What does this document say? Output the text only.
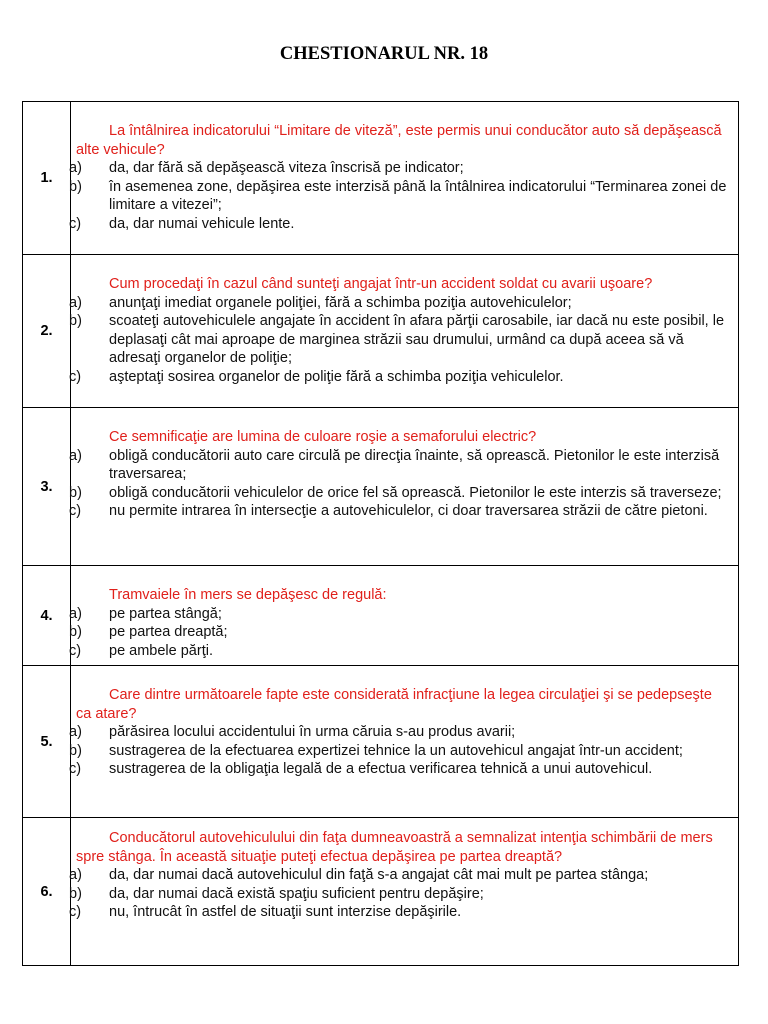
CHESTIONARUL NR. 18
1.	La întâlnirea indicatorului “Limitare de viteză”, este permis unui conducător auto să depăşească alte vehicule?

a) da, dar fără să depăşească viteza înscrisă pe indicator;

b) în asemenea zone, depăşirea este interzisă până la întâlnirea indicatorului “Terminarea zonei de limitare a vitezei”;

c) da, dar numai vehicule lente.

2.	Cum procedaţi în cazul când sunteţi angajat într-un accident soldat cu avarii uşoare?

a) anunţaţi imediat organele poliţiei, fără a schimba poziţia autovehiculelor;

b) scoateţi autovehiculele angajate în accident în afara părţii carosabile, iar dacă nu este posibil, le deplasaţi cât mai aproape de marginea străzii sau drumului, urmând ca după aceea să vă adresaţi organelor de poliţie;

c) aşteptaţi sosirea organelor de poliţie fără a schimba poziţia vehiculelor.

3.	Ce semnificaţie are lumina de culoare roşie a semaforului electric?

a) obligă conducătorii auto care circulă pe direcţia înainte, să oprească. Pietonilor le este interzisă traversarea;

b) obligă conducătorii vehiculelor de orice fel să oprească. Pietonilor le este interzis să traverseze;

c) nu permite intrarea în intersecţie a autovehiculelor, ci doar traversarea străzii de către pietoni.

4.	Tramvaiele în mers se depăşesc de regulă:

a) pe partea stângă;

b) pe partea dreaptă;

c) pe ambele părţi.

5.	Care dintre următoarele fapte este considerată infracţiune la legea circulaţiei şi se pedepseşte ca atare?

a) părăsirea locului accidentului în urma căruia s-au produs avarii;

b) sustragerea de la efectuarea expertizei tehnice la un autovehicul angajat într-un accident;

c) sustragerea de la obligaţia legală de a efectua verificarea tehnică a unui autovehicul.

6.	Conducătorul autovehiculului din faţa dumneavoastră a semnalizat intenţia schimbării de mers spre stânga. În această situaţie puteţi efectua depăşirea pe partea dreaptă?

a) da, dar numai dacă autovehiculul din faţă s-a angajat cât mai mult pe partea stânga;

b) da, dar numai dacă există spaţiu suficient pentru depăşire;

c) nu, întrucât în astfel de situaţii sunt interzise depăşirile.
